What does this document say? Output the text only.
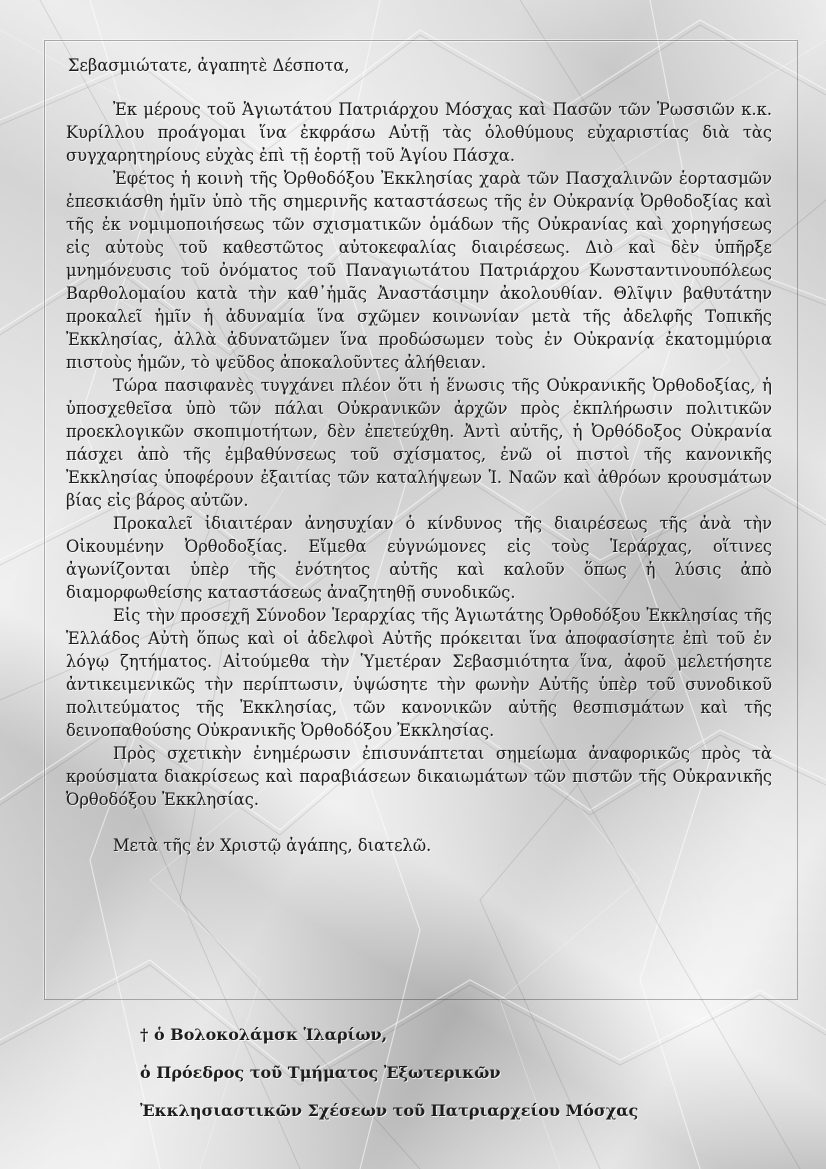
Σεβασμιώτατε, ἀγαπητὲ Δέσποτα,

Ἐκ μέρους τοῦ Ἁγιωτάτου Πατριάρχου Μόσχας καὶ Πασῶν τῶν Ῥωσσιῶν κ.κ. Κυρίλλου προάγομαι ἵνα ἐκφράσω Αὐτῇ τὰς ὁλοθύμους εὐχαριστίας διὰ τὰς συγχαρητηρίους εὐχὰς ἐπὶ τῇ ἑορτῇ τοῦ Ἁγίου Πάσχα.

Ἐφέτος ἡ κοινὴ τῆς Ὀρθοδόξου Ἐκκλησίας χαρὰ τῶν Πασχαλινῶν ἑορτασμῶν ἐπεσκιάσθη ἡμῖν ὑπὸ τῆς σημερινῆς καταστάσεως τῆς ἐν Οὐκρανίᾳ Ὀρθοδοξίας καὶ τῆς ἐκ νομιμοποιήσεως τῶν σχισματικῶν ὁμάδων τῆς Οὐκρανίας καὶ χορηγήσεως εἰς αὐτοὺς τοῦ καθεστῶτος αὐτοκεφαλίας διαιρέσεως. Διὸ καὶ δὲν ὑπῆρξε μνημόνευσις τοῦ ὀνόματος τοῦ Παναγιωτάτου Πατριάρχου Κωνσταντινουπόλεως Βαρθολομαίου κατὰ τὴν καθ᾽ἡμᾶς Ἀναστάσιμην ἀκολουθίαν. Θλῖψιν βαθυτάτην προκαλεῖ ἡμῖν ἡ ἀδυναμία ἵνα σχῶμεν κοινωνίαν μετὰ τῆς ἀδελφῆς Τοπικῆς Ἐκκλησίας, ἀλλὰ ἀδυνατῶμεν ἵνα προδώσωμεν τοὺς ἐν Οὐκρανίᾳ ἑκατομμύρια πιστοὺς ἡμῶν, τὸ ψεῦδος ἀποκαλοῦντες ἀλήθειαν.

Τώρα πασιφανὲς τυγχάνει πλέον ὅτι ἡ ἕνωσις τῆς Οὐκρανικῆς Ὀρθοδοξίας, ἡ ὑποσχεθεῖσα ὑπὸ τῶν πάλαι Οὐκρανικῶν ἀρχῶν πρὸς ἐκπλήρωσιν πολιτικῶν προεκλογικῶν σκοπιμοτήτων, δὲν ἐπετεύχθη. Ἀντὶ αὐτῆς, ἡ Ὀρθόδοξος Οὐκρανία πάσχει ἀπὸ τῆς ἐμβαθύνσεως τοῦ σχίσματος, ἐνῶ οἱ πιστοὶ τῆς κανονικῆς Ἐκκλησίας ὑποφέρουν ἐξαιτίας τῶν καταλήψεων Ἱ. Ναῶν καὶ ἀθρόων κρουσμάτων βίας εἰς βάρος αὐτῶν.

Προκαλεῖ ἰδιαιτέραν ἀνησυχίαν ὁ κίνδυνος τῆς διαιρέσεως τῆς ἀνὰ τὴν Οἰκουμένην Ὀρθοδοξίας. Εἴμεθα εὐγνώμονες εἰς τοὺς Ἱεράρχας, οἵτινες ἀγωνίζονται ὑπὲρ τῆς ἑνότητος αὐτῆς καὶ καλοῦν ὅπως ἡ λύσις ἀπὸ διαμορφωθείσης καταστάσεως ἀναζητηθῇ συνοδικῶς.

Εἰς τὴν προσεχῆ Σύνοδον Ἱεραρχίας τῆς Ἁγιωτάτης Ὀρθοδόξου Ἐκκλησίας τῆς Ἑλλάδος Αὐτὴ ὅπως καὶ οἱ ἀδελφοὶ Αὐτῆς πρόκειται ἵνα ἀποφασίσητε ἐπὶ τοῦ ἐν λόγῳ ζητήματος. Αἰτούμεθα τὴν Ὑμετέραν Σεβασμιότητα ἵνα, ἀφοῦ μελετήσητε ἀντικειμενικῶς τὴν περίπτωσιν, ὑψώσητε τὴν φωνὴν Αὐτῆς ὑπὲρ τοῦ συνοδικοῦ πολιτεύματος τῆς Ἐκκλησίας, τῶν κανονικῶν αὐτῆς θεσπισμάτων καὶ τῆς δεινοπαθούσης Οὐκρανικῆς Ὀρθοδόξου Ἐκκλησίας.

Πρὸς σχετικὴν ἐνημέρωσιν ἐπισυνάπτεται σημείωμα ἀναφορικῶς πρὸς τὰ κρούσματα διακρίσεως καὶ παραβιάσεων δικαιωμάτων τῶν πιστῶν τῆς Οὐκρανικῆς Ὀρθοδόξου Ἐκκλησίας.

Μετὰ τῆς ἐν Χριστῷ ἀγάπης, διατελῶ.

† ὁ Βολοκολάμσκ Ἱλαρίων,
ὁ Πρόεδρος τοῦ Τμήματος Ἐξωτερικῶν
Ἐκκλησιαστικῶν Σχέσεων τοῦ Πατριαρχείου Μόσχας
